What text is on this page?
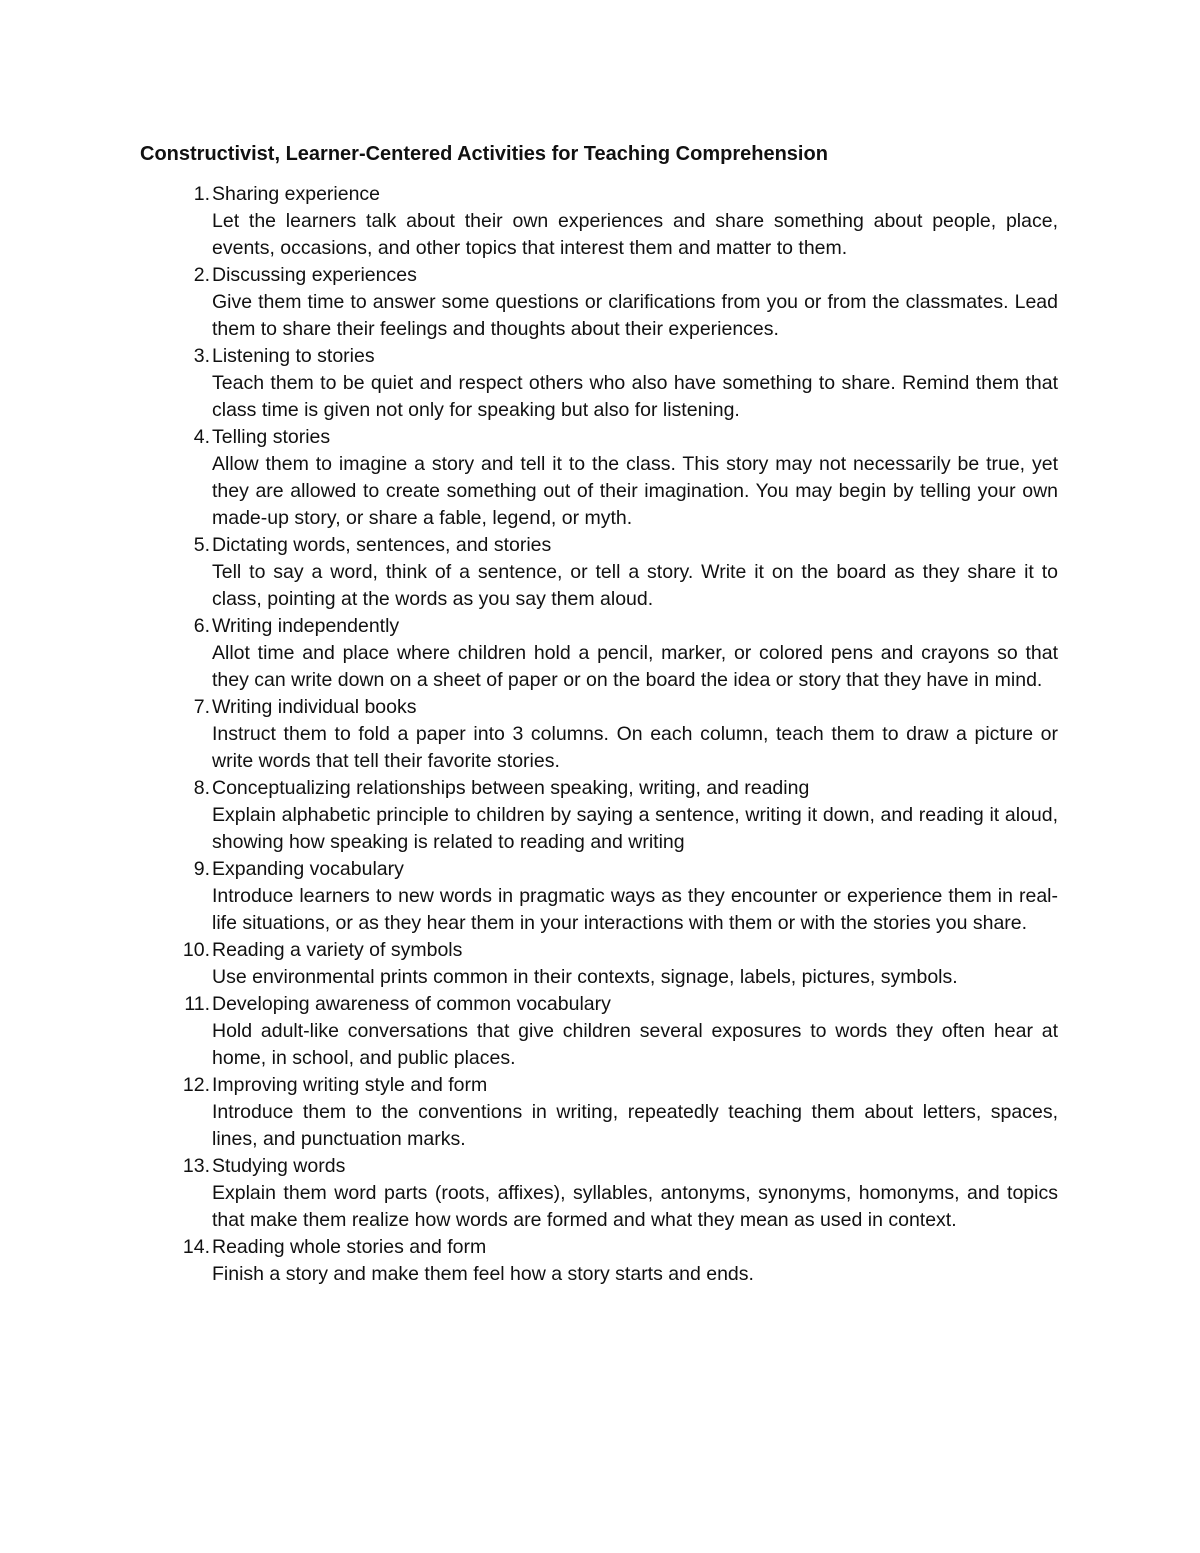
Constructivist, Learner-Centered Activities for Teaching Comprehension
1. Sharing experience
Let the learners talk about their own experiences and share something about people, place, events, occasions, and other topics that interest them and matter to them.
2. Discussing experiences
Give them time to answer some questions or clarifications from you or from the classmates. Lead them to share their feelings and thoughts about their experiences.
3. Listening to stories
Teach them to be quiet and respect others who also have something to share. Remind them that class time is given not only for speaking but also for listening.
4. Telling stories
Allow them to imagine a story and tell it to the class. This story may not necessarily be true, yet they are allowed to create something out of their imagination. You may begin by telling your own made-up story, or share a fable, legend, or myth.
5. Dictating words, sentences, and stories
Tell to say a word, think of a sentence, or tell a story. Write it on the board as they share it to class, pointing at the words as you say them aloud.
6. Writing independently
Allot time and place where children hold a pencil, marker, or colored pens and crayons so that they can write down on a sheet of paper or on the board the idea or story that they have in mind.
7. Writing individual books
Instruct them to fold a paper into 3 columns. On each column, teach them to draw a picture or write words that tell their favorite stories.
8. Conceptualizing relationships between speaking, writing, and reading
Explain alphabetic principle to children by saying a sentence, writing it down, and reading it aloud, showing how speaking is related to reading and writing
9. Expanding vocabulary
Introduce learners to new words in pragmatic ways as they encounter or experience them in real-life situations, or as they hear them in your interactions with them or with the stories you share.
10. Reading a variety of symbols
Use environmental prints common in their contexts, signage, labels, pictures, symbols.
11. Developing awareness of common vocabulary
Hold adult-like conversations that give children several exposures to words they often hear at home, in school, and public places.
12. Improving writing style and form
Introduce them to the conventions in writing, repeatedly teaching them about letters, spaces, lines, and punctuation marks.
13. Studying words
Explain them word parts (roots, affixes), syllables, antonyms, synonyms, homonyms, and topics that make them realize how words are formed and what they mean as used in context.
14. Reading whole stories and form
Finish a story and make them feel how a story starts and ends.
